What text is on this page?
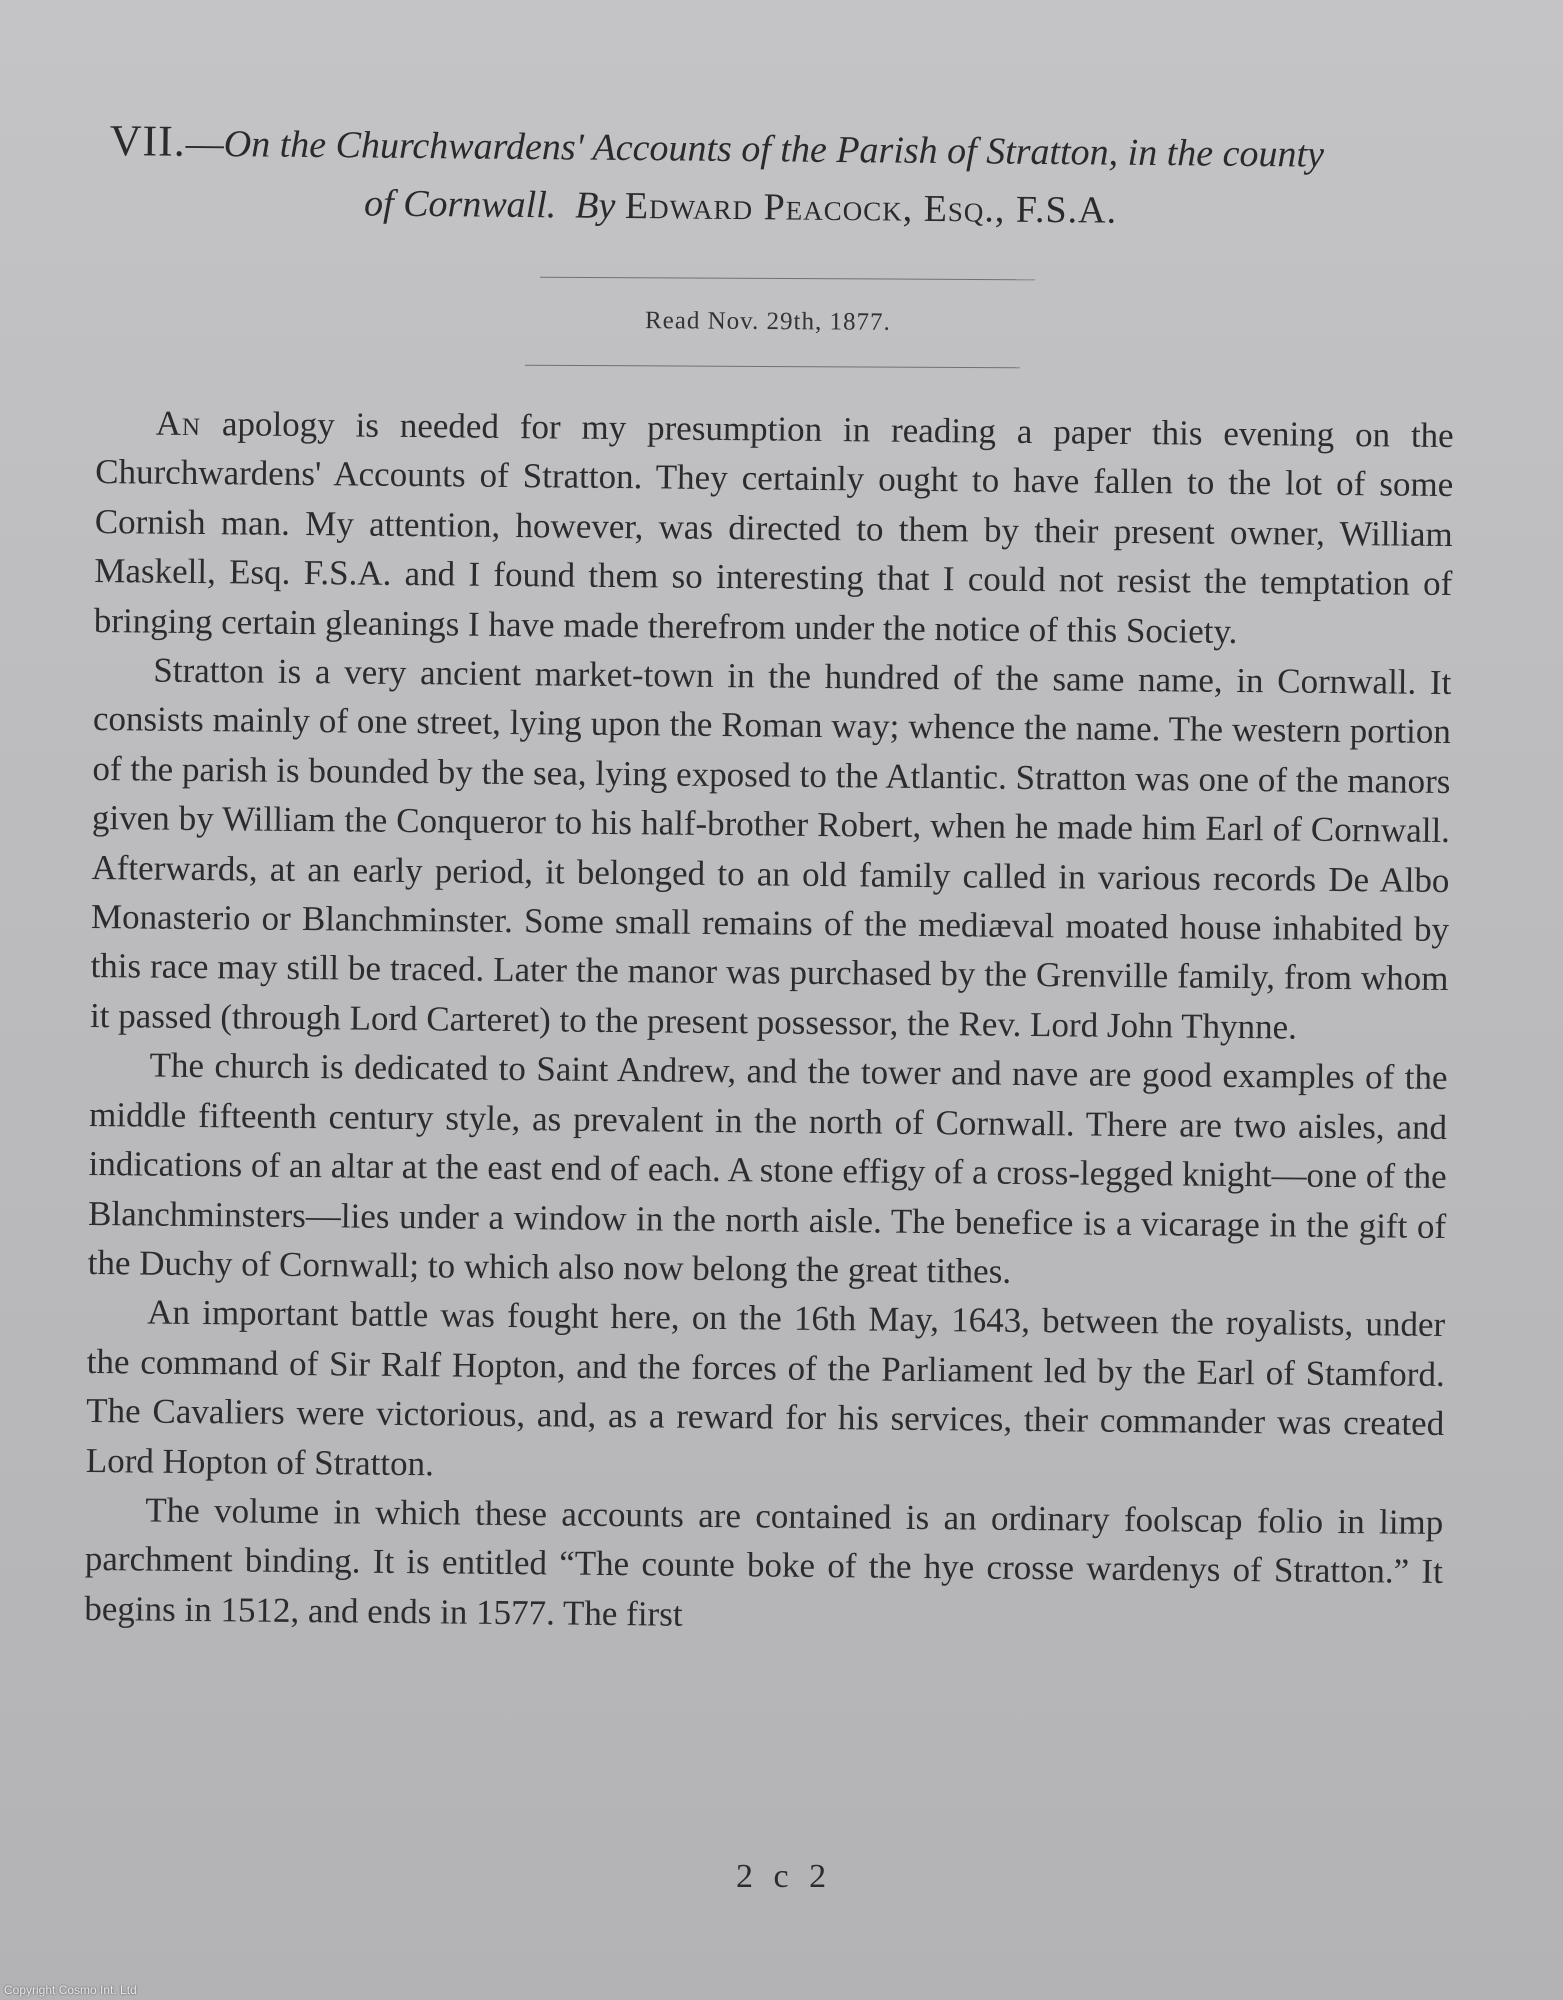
VII.—On the Churchwardens' Accounts of the Parish of Stratton, in the county
of Cornwall. By Edward Peacock, Esq., F.S.A.
Read Nov. 29th, 1877.

An apology is needed for my presumption in reading a paper this evening on the Churchwardens' Accounts of Stratton. They certainly ought to have fallen to the lot of some Cornish man. My attention, however, was directed to them by their present owner, William Maskell, Esq. F.S.A. and I found them so interesting that I could not resist the temptation of bringing certain gleanings I have made therefrom under the notice of this Society.

Stratton is a very ancient market-town in the hundred of the same name, in Cornwall. It consists mainly of one street, lying upon the Roman way; whence the name. The western portion of the parish is bounded by the sea, lying exposed to the Atlantic. Stratton was one of the manors given by William the Conqueror to his half-brother Robert, when he made him Earl of Cornwall. Afterwards, at an early period, it belonged to an old family called in various records De Albo Monasterio or Blanchminster. Some small remains of the mediæval moated house inhabited by this race may still be traced. Later the manor was purchased by the Grenville family, from whom it passed (through Lord Carteret) to the present possessor, the Rev. Lord John Thynne.

The church is dedicated to Saint Andrew, and the tower and nave are good examples of the middle fifteenth century style, as prevalent in the north of Cornwall. There are two aisles, and indications of an altar at the east end of each. A stone effigy of a cross-legged knight—one of the Blanchminsters—lies under a window in the north aisle. The benefice is a vicarage in the gift of the Duchy of Cornwall; to which also now belong the great tithes.

An important battle was fought here, on the 16th May, 1643, between the royalists, under the command of Sir Ralf Hopton, and the forces of the Parliament led by the Earl of Stamford. The Cavaliers were victorious, and, as a reward for his services, their commander was created Lord Hopton of Stratton.

The volume in which these accounts are contained is an ordinary foolscap folio in limp parchment binding. It is entitled “The counte boke of the hye crosse wardenys of Stratton.” It begins in 1512, and ends in 1577. The first

2 c 2
Copyright Cosmo Int. Ltd
